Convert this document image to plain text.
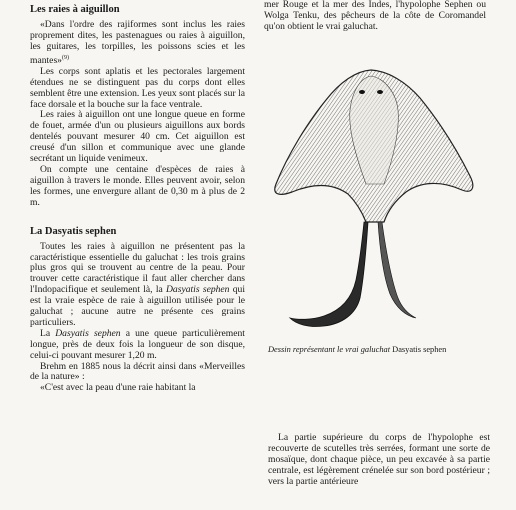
Les raies à aiguillon

«Dans l'ordre des rajiformes sont inclus les raies proprement dites, les pastenagues ou raies à aiguillon, les guitares, les torpilles, les poissons scies et les mantes»$^{(9)}$

Les corps sont aplatis et les pectorales largement étendues ne se distinguent pas du corps dont elles semblent être une extension. Les yeux sont placés sur la face dorsale et la bouche sur la face ventrale.

Les raies à aiguillon ont une longue queue en forme de fouet, armée d'un ou plusieurs aiguillons aux bords dentelés pouvant mesurer 40 cm. Cet aiguillon est creusé d'un sillon et communique avec une glande secrétant un liquide venimeux.

On compte une centaine d'espèces de raies à aiguillon à travers le monde. Elles peuvent avoir, selon les formes, une envergure allant de 0,30 m à plus de 2 m.

La Dasyatis sephen

Toutes les raies à aiguillon ne présentent pas la caractéristique essentielle du galuchat : les trois grains plus gros qui se trouvent au centre de la peau. Pour trouver cette caractéristique il faut aller chercher dans l'Indopacifique et seulement là, la Dasyatis sephen qui est la vraie espèce de raie à aiguillon utilisée pour le galuchat ; aucune autre ne présente ces grains particuliers.

La Dasyatis sephen a une queue particulièrement longue, près de deux fois la longueur de son disque, celui-ci pouvant mesurer 1,20 m.

Brehm en 1885 nous la décrit ainsi dans «Merveilles de la nature» :

«C'est avec la peau d'une raie habitant la

mer Rouge et la mer des Indes, l'hypolophe Sephen ou Wolga Tenku, des pêcheurs de la côte de Coromandel qu'on obtient le vrai galuchat.

Dessin représentant le vrai galuchat Dasyatis sephen

La partie supérieure du corps de l'hypolophe est recouverte de scutelles très serrées, formant une sorte de mosaïque, dont chaque pièce, un peu excavée à sa partie centrale, est légèrement crénelée sur son bord postérieur ; vers la partie antérieure
